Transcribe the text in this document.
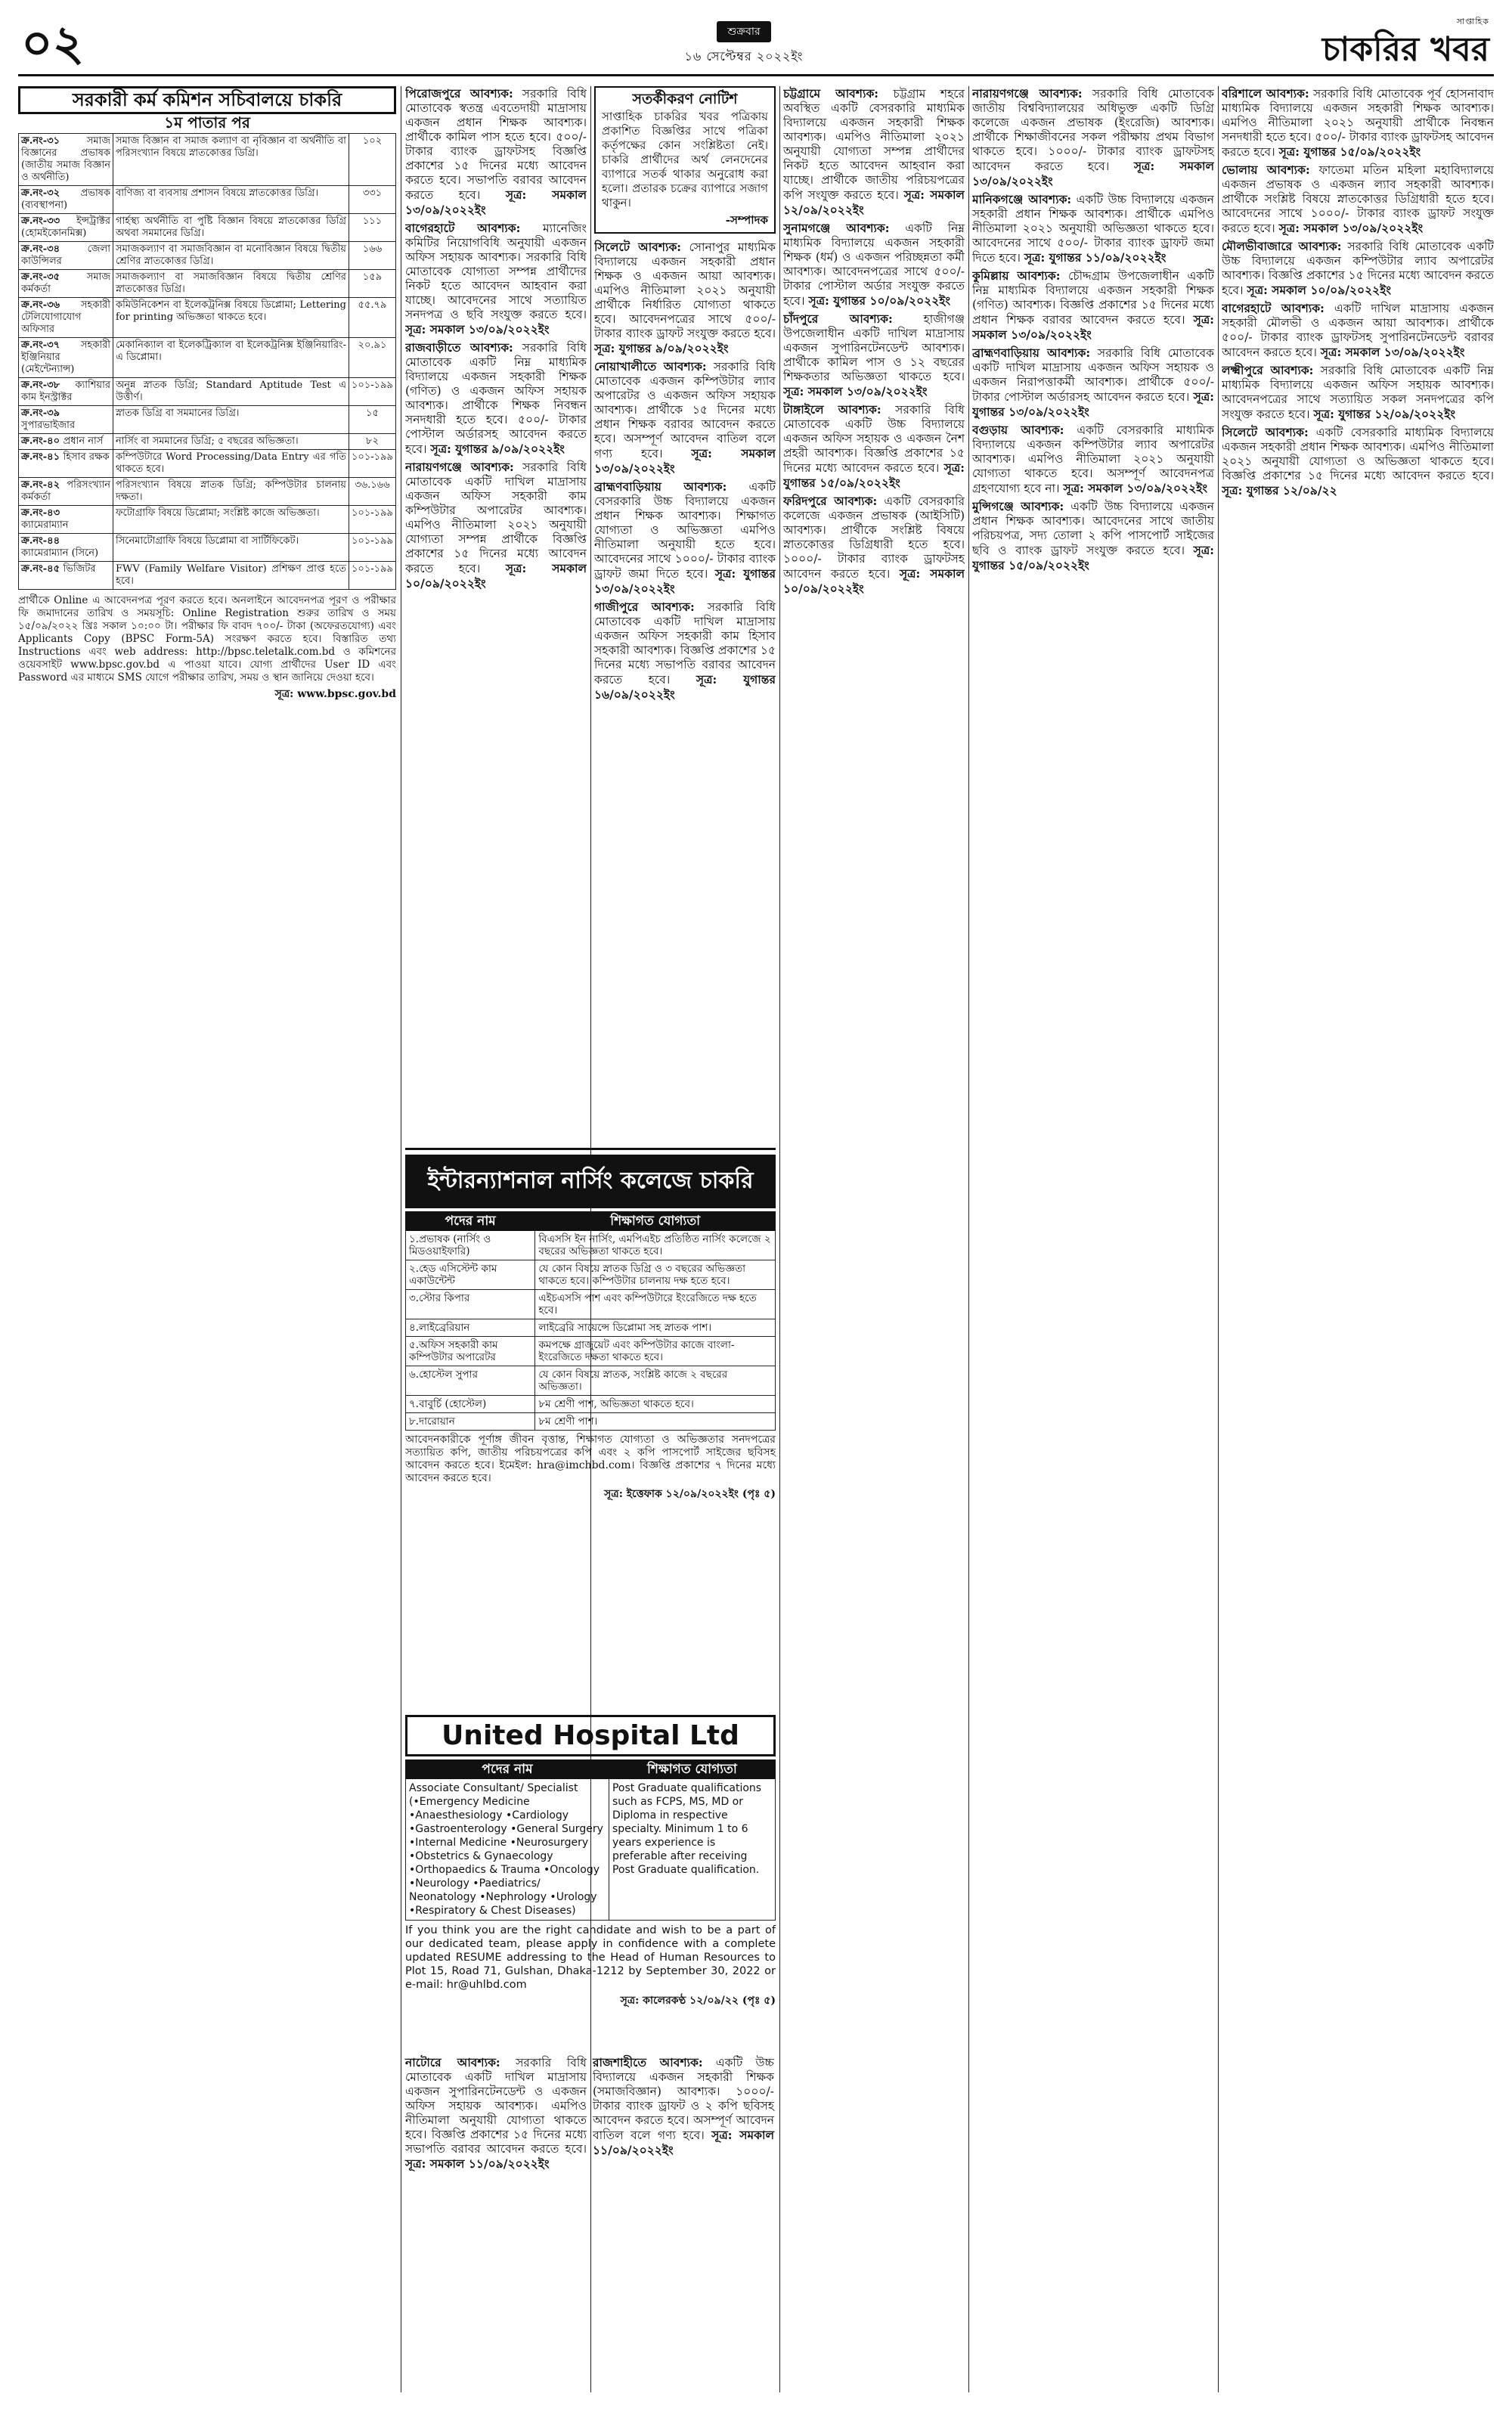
০২	শুক্রবার
১৬ সেপ্টেম্বর ২০২২ইং
সাপ্তাহিক
চাকরির খবর
সরকারী কর্ম কমিশন সচিবালয়ে চাকরি
১ম পাতার পর
ক্র.নং-৩১ সমাজ বিজ্ঞানের প্রভাষক (জাতীয় সমাজ বিজ্ঞান ও অর্থনীতি)	সমাজ বিজ্ঞান বা সমাজ কল্যাণ বা নৃবিজ্ঞান বা অর্থনীতি বা পরিসংখ্যান বিষয়ে স্নাতকোত্তর ডিগ্রি।	১০২
ক্র.নং-৩২ প্রভাষক (ব্যবস্থাপনা)	বাণিজ্য বা ব্যবসায় প্রশাসন বিষয়ে স্নাতকোত্তর ডিগ্রি।	৩৩১
ক্র.নং-৩৩ ইন্সট্রাক্টর (হোমইকোনমিক্স)	গার্হস্থ্য অর্থনীতি বা পুষ্টি বিজ্ঞান বিষয়ে স্নাতকোত্তর ডিগ্রি অথবা সমমানের ডিগ্রি।	১১১
ক্র.নং-৩৪ জেলা কাউন্সিলর	সমাজকল্যাণ বা সমাজবিজ্ঞান বা মনোবিজ্ঞান বিষয়ে দ্বিতীয় শ্রেণির স্নাতকোত্তর ডিগ্রি।	১৬৬
ক্র.নং-৩৫ সমাজ কর্মকর্তা	সমাজকল্যাণ বা সমাজবিজ্ঞান বিষয়ে দ্বিতীয় শ্রেণির স্নাতকোত্তর ডিগ্রি।	১৫৯
ক্র.নং-৩৬ সহকারী টেলিযোগাযোগ অফিসার	কমিউনিকেশন বা ইলেকট্রনিক্স বিষয়ে ডিপ্লোমা; Lettering for printing অভিজ্ঞতা থাকতে হবে।	৫৫.৭৯
ক্র.নং-৩৭ সহকারী ইঞ্জিনিয়ার (মেইন্টেন্যান্স)	মেকানিক্যাল বা ইলেকট্রিক্যাল বা ইলেকট্রনিক্স ইঞ্জিনিয়ারিং-এ ডিপ্লোমা।	২০.৯১
ক্র.নং-৩৮ ক্যাশিয়ার কাম ইনস্ট্রাক্টর	অনুন্ন স্নাতক ডিগ্রি; Standard Aptitude Test এ উত্তীর্ণ।	১০১-১৯৯
ক্র.নং-৩৯ সুপারভাইজার	স্নাতক ডিগ্রি বা সমমানের ডিগ্রি।	১৫
ক্র.নং-৪০ প্রধান নার্স	নার্সিং বা সমমানের ডিগ্রি; ৫ বছরের অভিজ্ঞতা।	৮২
ক্র.নং-৪১ হিসাব রক্ষক	কম্পিউটারে Word Processing/Data Entry এর গতি থাকতে হবে।	১০১-১৯৯
ক্র.নং-৪২ পরিসংখ্যান কর্মকর্তা	পরিসংখ্যান বিষয়ে স্নাতক ডিগ্রি; কম্পিউটার চালনায় দক্ষতা।	৩৬.১৬৬
ক্র.নং-৪৩ ক্যামেরাম্যান	ফটোগ্রাফি বিষয়ে ডিপ্লোমা; সংশ্লিষ্ট কাজে অভিজ্ঞতা।	১০১-১৯৯
ক্র.নং-৪৪ ক্যামেরাম্যান (সিনে)	সিনেমাটোগ্রাফি বিষয়ে ডিপ্লোমা বা সার্টিফিকেট।	১০১-১৯৯
ক্র.নং-৪৫ ভিজিটর	FWV (Family Welfare Visitor) প্রশিক্ষণ প্রাপ্ত হতে হবে।	১০১-১৯৯
প্রার্থীকে Online এ আবেদনপত্র পূরণ করতে হবে। অনলাইনে আবেদনপত্র পূরণ ও পরীক্ষার ফি জমাদানের তারিখ ও সময়সূচি: Online Registration শুরুর তারিখ ও সময় ১৫/০৯/২০২২ খ্রিঃ সকাল ১০:০০ টা। পরীক্ষার ফি বাবদ ৭০০/- টাকা (অফেরতযোগ্য) এবং Applicants Copy (BPSC Form-5A) সংরক্ষণ করতে হবে। বিস্তারিত তথ্য Instructions এবং web address: http://bpsc.teletalk.com.bd ও কমিশনের ওয়েবসাইট www.bpsc.gov.bd এ পাওয়া যাবে। যোগ্য প্রার্থীদের User ID এবং Password এর মাধ্যমে SMS যোগে পরীক্ষার তারিখ, সময় ও স্থান জানিয়ে দেওয়া হবে।
সূত্র: www.bpsc.gov.bd
পিরোজপুরে আবশ্যক: সরকারি বিধি মোতাবেক স্বতন্ত্র এবতেদায়ী মাদ্রাসায় একজন প্রধান শিক্ষক আবশ্যক। প্রার্থীকে কামিল পাস হতে হবে। ৫০০/- টাকার ব্যাংক ড্রাফটসহ বিজ্ঞপ্তি প্রকাশের ১৫ দিনের মধ্যে আবেদন করতে হবে। সভাপতি বরাবর আবেদন করতে হবে। সূত্র: সমকাল ১৩/০৯/২০২২ইং
বাগেরহাটে আবশ্যক: ম্যানেজিং কমিটির নিয়োগবিধি অনুযায়ী একজন অফিস সহায়ক আবশ্যক। সরকারি বিধি মোতাবেক যোগ্যতা সম্পন্ন প্রার্থীদের নিকট হতে আবেদন আহবান করা যাচ্ছে। আবেদনের সাথে সত্যায়িত সনদপত্র ও ছবি সংযুক্ত করতে হবে। সূত্র: সমকাল ১৩/০৯/২০২২ইং
রাজবাড়ীতে আবশ্যক: সরকারি বিধি মোতাবেক একটি নিম্ন মাধ্যমিক বিদ্যালয়ে একজন সহকারী শিক্ষক (গণিত) ও একজন অফিস সহায়ক আবশ্যক। প্রার্থীকে শিক্ষক নিবন্ধন সনদধারী হতে হবে। ৫০০/- টাকার পোস্টাল অর্ডারসহ আবেদন করতে হবে। সূত্র: যুগান্তর ৯/০৯/২০২২ইং
নারায়ণগঞ্জে আবশ্যক: সরকারি বিধি মোতাবেক একটি দাখিল মাদ্রাসায় একজন অফিস সহকারী কাম কম্পিউটার অপারেটর আবশ্যক। এমপিও নীতিমালা ২০২১ অনুযায়ী যোগ্যতা সম্পন্ন প্রার্থীকে বিজ্ঞপ্তি প্রকাশের ১৫ দিনের মধ্যে আবেদন করতে হবে। সূত্র: সমকাল ১০/০৯/২০২২ইং
সতর্কীকরণ নোটিশ
সাপ্তাহিক চাকরির খবর পত্রিকায় প্রকাশিত বিজ্ঞপ্তির সাথে পত্রিকা কর্তৃপক্ষের কোন সংশ্লিষ্টতা নেই। চাকরি প্রার্থীদের অর্থ লেনদেনের ব্যাপারে সতর্ক থাকার অনুরোধ করা হলো। প্রতারক চক্রের ব্যাপারে সজাগ থাকুন।
-সম্পাদক
সিলেটে আবশ্যক: সোনাপুর মাধ্যমিক বিদ্যালয়ে একজন সহকারী প্রধান শিক্ষক ও একজন আয়া আবশ্যক। এমপিও নীতিমালা ২০২১ অনুযায়ী প্রার্থীকে নির্ধারিত যোগ্যতা থাকতে হবে। আবেদনপত্রের সাথে ৫০০/- টাকার ব্যাংক ড্রাফট সংযুক্ত করতে হবে। সূত্র: যুগান্তর ৯/০৯/২০২২ইং
নোয়াখালীতে আবশ্যক: সরকারি বিধি মোতাবেক একজন কম্পিউটার ল্যাব অপারেটর ও একজন অফিস সহায়ক আবশ্যক। প্রার্থীকে ১৫ দিনের মধ্যে প্রধান শিক্ষক বরাবর আবেদন করতে হবে। অসম্পূর্ণ আবেদন বাতিল বলে গণ্য হবে। সূত্র: সমকাল ১৩/০৯/২০২২ইং
ব্রাহ্মণবাড়িয়ায় আবশ্যক: একটি বেসরকারি উচ্চ বিদ্যালয়ে একজন প্রধান শিক্ষক আবশ্যক। শিক্ষাগত যোগ্যতা ও অভিজ্ঞতা এমপিও নীতিমালা অনুযায়ী হতে হবে। আবেদনের সাথে ১০০০/- টাকার ব্যাংক ড্রাফট জমা দিতে হবে। সূত্র: যুগান্তর ১৩/০৯/২০২২ইং
গাজীপুরে আবশ্যক: সরকারি বিধি মোতাবেক একটি দাখিল মাদ্রাসায় একজন অফিস সহকারী কাম হিসাব সহকারী আবশ্যক। বিজ্ঞপ্তি প্রকাশের ১৫ দিনের মধ্যে সভাপতি বরাবর আবেদন করতে হবে। সূত্র: যুগান্তর ১৬/০৯/২০২২ইং
চট্টগ্রামে আবশ্যক: চট্টগ্রাম শহরে অবস্থিত একটি বেসরকারি মাধ্যমিক বিদ্যালয়ে একজন সহকারী শিক্ষক আবশ্যক। এমপিও নীতিমালা ২০২১ অনুযায়ী যোগ্যতা সম্পন্ন প্রার্থীদের নিকট হতে আবেদন আহবান করা যাচ্ছে। প্রার্থীকে জাতীয় পরিচয়পত্রের কপি সংযুক্ত করতে হবে। সূত্র: সমকাল ১২/০৯/২০২২ইং
সুনামগঞ্জে আবশ্যক: একটি নিম্ন মাধ্যমিক বিদ্যালয়ে একজন সহকারী শিক্ষক (ধর্ম) ও একজন পরিচ্ছন্নতা কর্মী আবশ্যক। আবেদনপত্রের সাথে ৫০০/- টাকার পোস্টাল অর্ডার সংযুক্ত করতে হবে। সূত্র: যুগান্তর ১০/০৯/২০২২ইং
চাঁদপুরে আবশ্যক: হাজীগঞ্জ উপজেলাধীন একটি দাখিল মাদ্রাসায় একজন সুপারিনটেনডেন্ট আবশ্যক। প্রার্থীকে কামিল পাস ও ১২ বছরের শিক্ষকতার অভিজ্ঞতা থাকতে হবে। সূত্র: সমকাল ১৩/০৯/২০২২ইং
টাঙ্গাইলে আবশ্যক: সরকারি বিধি মোতাবেক একটি উচ্চ বিদ্যালয়ে একজন অফিস সহায়ক ও একজন নৈশ প্রহরী আবশ্যক। বিজ্ঞপ্তি প্রকাশের ১৫ দিনের মধ্যে আবেদন করতে হবে। সূত্র: যুগান্তর ১৫/০৯/২০২২ইং
ফরিদপুরে আবশ্যক: একটি বেসরকারি কলেজে একজন প্রভাষক (আইসিটি) আবশ্যক। প্রার্থীকে সংশ্লিষ্ট বিষয়ে স্নাতকোত্তর ডিগ্রিধারী হতে হবে। ১০০০/- টাকার ব্যাংক ড্রাফটসহ আবেদন করতে হবে। সূত্র: সমকাল ১০/০৯/২০২২ইং
নারায়ণগঞ্জে আবশ্যক: সরকারি বিধি মোতাবেক জাতীয় বিশ্ববিদ্যালয়ের অধিভুক্ত একটি ডিগ্রি কলেজে একজন প্রভাষক (ইংরেজি) আবশ্যক। প্রার্থীকে শিক্ষাজীবনের সকল পরীক্ষায় প্রথম বিভাগ থাকতে হবে। ১০০০/- টাকার ব্যাংক ড্রাফটসহ আবেদন করতে হবে। সূত্র: সমকাল ১৩/০৯/২০২২ইং
মানিকগঞ্জে আবশ্যক: একটি উচ্চ বিদ্যালয়ে একজন সহকারী প্রধান শিক্ষক আবশ্যক। প্রার্থীকে এমপিও নীতিমালা ২০২১ অনুযায়ী অভিজ্ঞতা থাকতে হবে। আবেদনের সাথে ৫০০/- টাকার ব্যাংক ড্রাফট জমা দিতে হবে। সূত্র: যুগান্তর ১১/০৯/২০২২ইং
কুমিল্লায় আবশ্যক: চৌদ্দগ্রাম উপজেলাধীন একটি নিম্ন মাধ্যমিক বিদ্যালয়ে একজন সহকারী শিক্ষক (গণিত) আবশ্যক। বিজ্ঞপ্তি প্রকাশের ১৫ দিনের মধ্যে প্রধান শিক্ষক বরাবর আবেদন করতে হবে। সূত্র: সমকাল ১৩/০৯/২০২২ইং
ব্রাহ্মণবাড়িয়ায় আবশ্যক: সরকারি বিধি মোতাবেক একটি দাখিল মাদ্রাসায় একজন অফিস সহায়ক ও একজন নিরাপত্তাকর্মী আবশ্যক। প্রার্থীকে ৫০০/- টাকার পোস্টাল অর্ডারসহ আবেদন করতে হবে। সূত্র: যুগান্তর ১৩/০৯/২০২২ইং
বগুড়ায় আবশ্যক: একটি বেসরকারি মাধ্যমিক বিদ্যালয়ে একজন কম্পিউটার ল্যাব অপারেটর আবশ্যক। এমপিও নীতিমালা ২০২১ অনুযায়ী যোগ্যতা থাকতে হবে। অসম্পূর্ণ আবেদনপত্র গ্রহণযোগ্য হবে না। সূত্র: সমকাল ১৩/০৯/২০২২ইং
মুন্সিগঞ্জে আবশ্যক: একটি উচ্চ বিদ্যালয়ে একজন প্রধান শিক্ষক আবশ্যক। আবেদনের সাথে জাতীয় পরিচয়পত্র, সদ্য তোলা ২ কপি পাসপোর্ট সাইজের ছবি ও ব্যাংক ড্রাফট সংযুক্ত করতে হবে। সূত্র: যুগান্তর ১৫/০৯/২০২২ইং
বরিশালে আবশ্যক: সরকারি বিধি মোতাবেক পূর্ব হোসনাবাদ মাধ্যমিক বিদ্যালয়ে একজন সহকারী শিক্ষক আবশ্যক। এমপিও নীতিমালা ২০২১ অনুযায়ী প্রার্থীকে নিবন্ধন সনদধারী হতে হবে। ৫০০/- টাকার ব্যাংক ড্রাফটসহ আবেদন করতে হবে। সূত্র: যুগান্তর ১৫/০৯/২০২২ইং
ভোলায় আবশ্যক: ফাতেমা মতিন মহিলা মহাবিদ্যালয়ে একজন প্রভাষক ও একজন ল্যাব সহকারী আবশ্যক। প্রার্থীকে সংশ্লিষ্ট বিষয়ে স্নাতকোত্তর ডিগ্রিধারী হতে হবে। আবেদনের সাথে ১০০০/- টাকার ব্যাংক ড্রাফট সংযুক্ত করতে হবে। সূত্র: সমকাল ১৩/০৯/২০২২ইং
মৌলভীবাজারে আবশ্যক: সরকারি বিধি মোতাবেক একটি উচ্চ বিদ্যালয়ে একজন কম্পিউটার ল্যাব অপারেটর আবশ্যক। বিজ্ঞপ্তি প্রকাশের ১৫ দিনের মধ্যে আবেদন করতে হবে। সূত্র: সমকাল ১০/০৯/২০২২ইং
বাগেরহাটে আবশ্যক: একটি দাখিল মাদ্রাসায় একজন সহকারী মৌলভী ও একজন আয়া আবশ্যক। প্রার্থীকে ৫০০/- টাকার ব্যাংক ড্রাফটসহ সুপারিনটেনডেন্ট বরাবর আবেদন করতে হবে। সূত্র: সমকাল ১৩/০৯/২০২২ইং
লক্ষ্মীপুরে আবশ্যক: সরকারি বিধি মোতাবেক একটি নিম্ন মাধ্যমিক বিদ্যালয়ে একজন অফিস সহায়ক আবশ্যক। আবেদনপত্রের সাথে সত্যায়িত সকল সনদপত্রের কপি সংযুক্ত করতে হবে। সূত্র: যুগান্তর ১২/০৯/২০২২ইং
সিলেটে আবশ্যক: একটি বেসরকারি মাধ্যমিক বিদ্যালয়ে একজন সহকারী প্রধান শিক্ষক আবশ্যক। এমপিও নীতিমালা ২০২১ অনুযায়ী যোগ্যতা ও অভিজ্ঞতা থাকতে হবে। বিজ্ঞপ্তি প্রকাশের ১৫ দিনের মধ্যে আবেদন করতে হবে। সূত্র: যুগান্তর ১২/০৯/২২
ইন্টারন্যাশনাল নার্সিং কলেজে চাকরি
পদের নাম	শিক্ষাগত যোগ্যতা
১.প্রভাষক (নার্সিং ও মিডওয়াইফারি)	বিএসসি ইন নার্সিং, এমপিএইচ প্রতিষ্ঠিত নার্সিং কলেজে ২ বছরের অভিজ্ঞতা থাকতে হবে।
২.হেড এসিস্টেন্ট কাম একাউন্টেন্ট	যে কোন বিষয়ে স্নাতক ডিগ্রি ও ৩ বছরের অভিজ্ঞতা থাকতে হবে। কম্পিউটার চালনায় দক্ষ হতে হবে।
৩.স্টোর কিপার	এইচএসসি পাশ এবং কম্পিউটারে ইংরেজিতে দক্ষ হতে হবে।
৪.লাইব্রেরিয়ান	লাইব্রেরি সায়েন্সে ডিপ্লোমা সহ স্নাতক পাশ।
৫.অফিস সহকারী কাম কম্পিউটার অপারেটর	কমপক্ষে গ্রাজুয়েট এবং কম্পিউটার কাজে বাংলা-ইংরেজিতে দক্ষতা থাকতে হবে।
৬.হোস্টেল সুপার	যে কোন বিষয়ে স্নাতক, সংশ্লিষ্ট কাজে ২ বছরের অভিজ্ঞতা।
৭.বাবুর্চি (হোস্টেল)	৮ম শ্রেণী পাশ, অভিজ্ঞতা থাকতে হবে।
৮.দারোয়ান	৮ম শ্রেণী পাশ।
আবেদনকারীকে পূর্ণাঙ্গ জীবন বৃত্তান্ত, শিক্ষাগত যোগ্যতা ও অভিজ্ঞতার সনদপত্রের সত্যায়িত কপি, জাতীয় পরিচয়পত্রের কপি এবং ২ কপি পাসপোর্ট সাইজের ছবিসহ আবেদন করতে হবে। ইমেইল: hra@imchbd.com। বিজ্ঞপ্তি প্রকাশের ৭ দিনের মধ্যে আবেদন করতে হবে।
সূত্র: ইত্তেফাক ১২/০৯/২০২২ইং (পৃঃ ৫)
United Hospital Ltd
পদের নাম	শিক্ষাগত যোগ্যতা
Associate Consultant/ Specialist (•Emergency Medicine •Anaesthesiology •Cardiology •Gastroenterology •General Surgery •Internal Medicine •Neurosurgery •Obstetrics & Gynaecology •Orthopaedics & Trauma •Oncology •Neurology •Paediatrics/ Neonatology •Nephrology •Urology •Respiratory & Chest Diseases)	Post Graduate qualifications such as FCPS, MS, MD or Diploma in respective specialty. Minimum 1 to 6 years experience is preferable after receiving Post Graduate qualification.
If you think you are the right candidate and wish to be a part of our dedicated team, please apply in confidence with a complete updated RESUME addressing to the Head of Human Resources to Plot 15, Road 71, Gulshan, Dhaka-1212 by September 30, 2022 or e-mail: hr@uhlbd.com
সূত্র: কালেরকণ্ঠ ১২/০৯/২২ (পৃঃ ৫)
নাটোরে আবশ্যক: সরকারি বিধি মোতাবেক একটি দাখিল মাদ্রাসায় একজন সুপারিনটেনডেন্ট ও একজন অফিস সহায়ক আবশ্যক। এমপিও নীতিমালা অনুযায়ী যোগ্যতা থাকতে হবে। বিজ্ঞপ্তি প্রকাশের ১৫ দিনের মধ্যে সভাপতি বরাবর আবেদন করতে হবে। সূত্র: সমকাল ১১/০৯/২০২২ইং
রাজশাহীতে আবশ্যক: একটি উচ্চ বিদ্যালয়ে একজন সহকারী শিক্ষক (সমাজবিজ্ঞান) আবশ্যক। ১০০০/- টাকার ব্যাংক ড্রাফট ও ২ কপি ছবিসহ আবেদন করতে হবে। অসম্পূর্ণ আবেদন বাতিল বলে গণ্য হবে। সূত্র: সমকাল ১১/০৯/২০২২ইং
